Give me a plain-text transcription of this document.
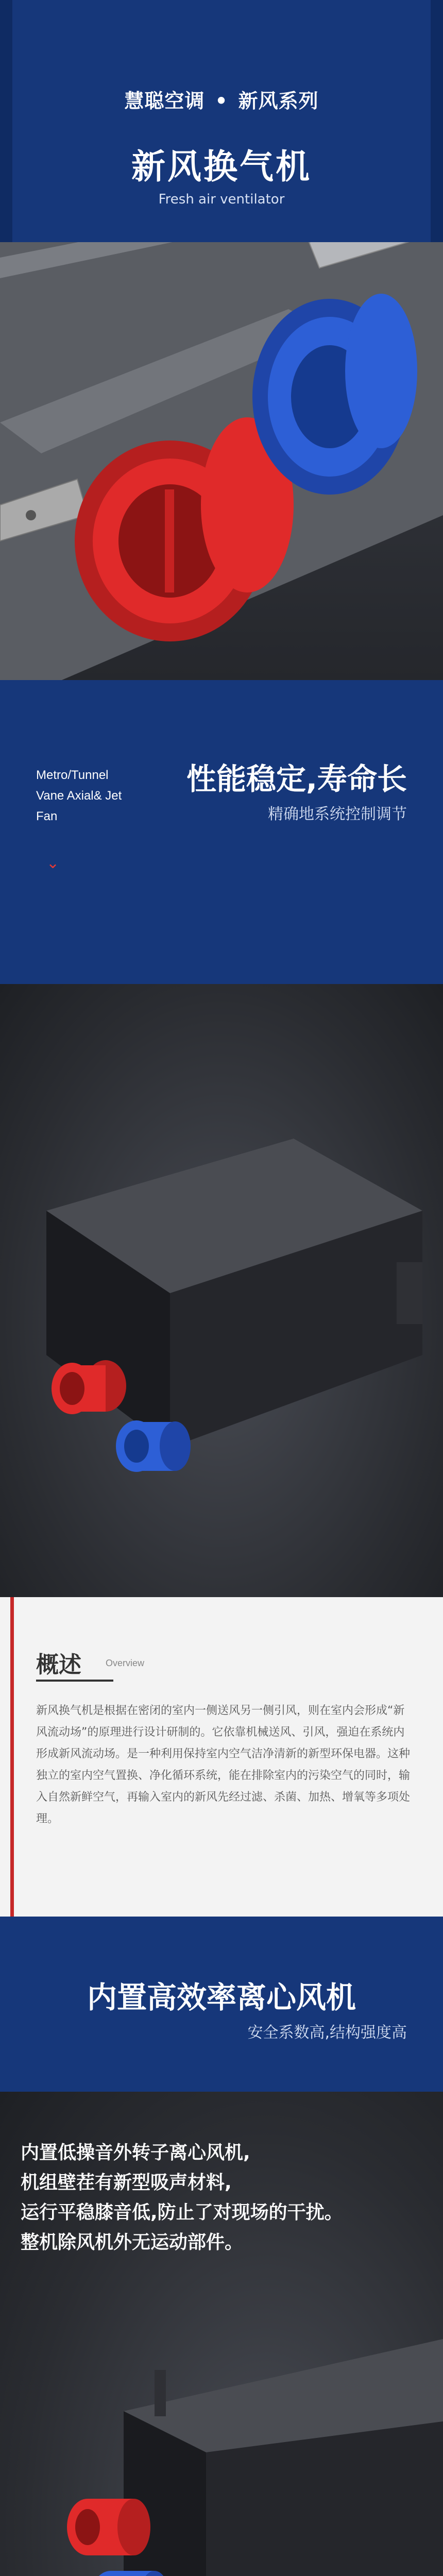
慧聪空调 • 新风系列
新风换气机
Fresh air ventilator
Metro/Tunnel Vane Axial& Jet Fan
⌄
性能稳定,寿命长
精确地系统控制调节
概述	Overview
新风换气机是根据在密闭的室内一侧送风另一侧引风，则在室内会形成“新风流动场”的原理进行设计研制的。它依靠机械送风、引风，强迫在系统内形成新风流动场。是一种利用保持室内空气洁净清新的新型环保电器。这种独立的室内空气置换、净化循环系统，能在排除室内的污染空气的同时，输入自然新鲜空气，再输入室内的新风先经过滤、杀菌、加热、增氧等多项处理。
内置高效率离心风机
安全系数高,结构强度高
内置低操音外转子离心风机,
机组壁茬有新型吸声材料,
运行平稳膝音低,防止了对现场的干扰。
整机除风机外无运动部件。
